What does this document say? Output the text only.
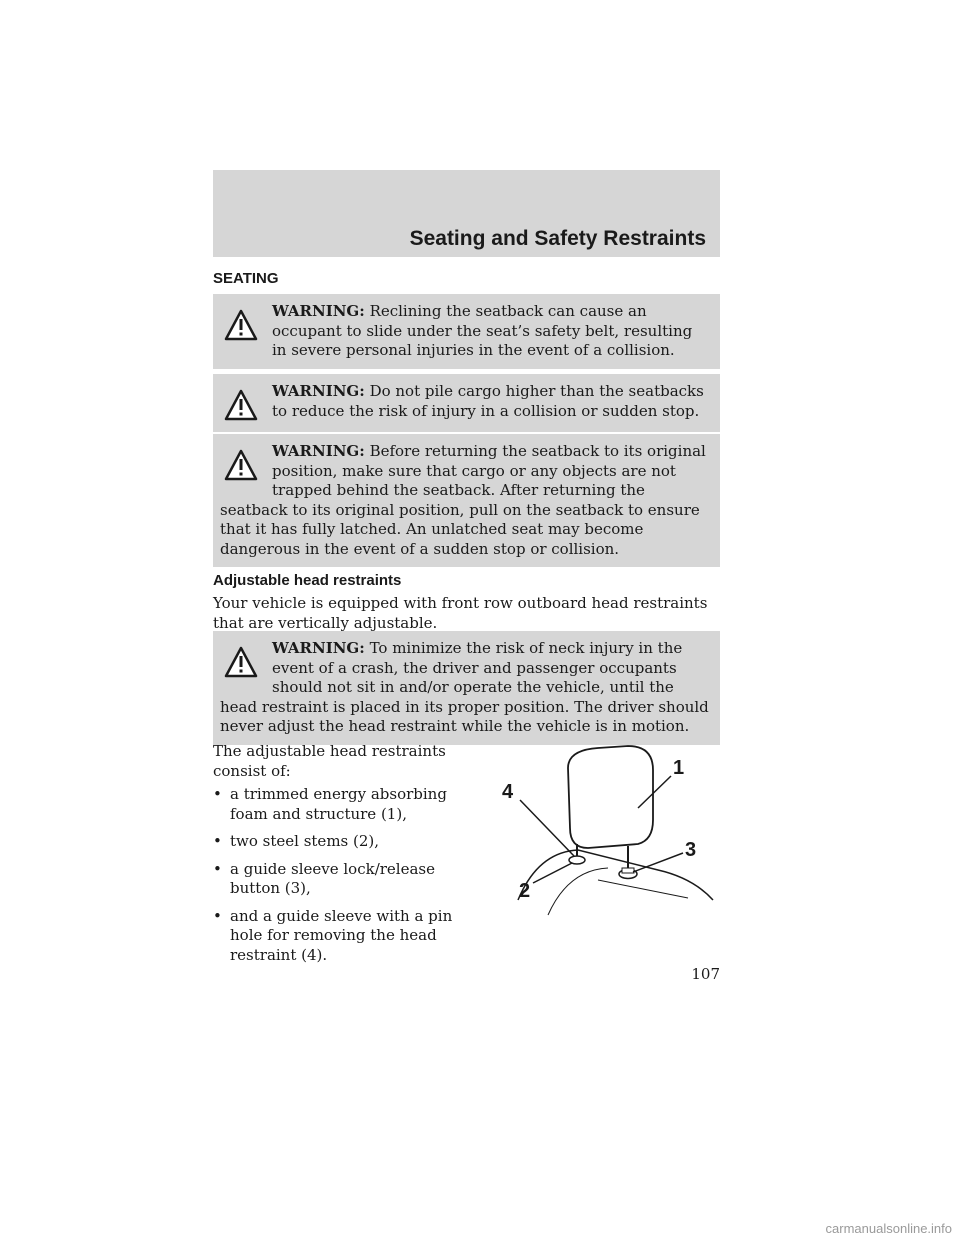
Seating and Safety Restraints
SEATING
WARNING: Reclining the seatback can cause an occupant to slide under the seat’s safety belt, resulting in severe personal injuries in the event of a collision.
WARNING: Do not pile cargo higher than the seatbacks to reduce the risk of injury in a collision or sudden stop.
WARNING: Before returning the seatback to its original position, make sure that cargo or any objects are not trapped behind the seatback. After returning the seatback to its original position, pull on the seatback to ensure that it has fully latched. An unlatched seat may become dangerous in the event of a sudden stop or collision.
Adjustable head restraints
Your vehicle is equipped with front row outboard head restraints that are vertically adjustable.
WARNING: To minimize the risk of neck injury in the event of a crash, the driver and passenger occupants should not sit in and/or operate the vehicle, until the head restraint is placed in its proper position. The driver should never adjust the head restraint while the vehicle is in motion.
The adjustable head restraints consist of:
• a trimmed energy absorbing foam and structure (1),
• two steel stems (2),
• a guide sleeve lock/release button (3),
• and a guide sleeve with a pin hole for removing the head restraint (4).
1
2
3
4
107
carmanualsonline.info
